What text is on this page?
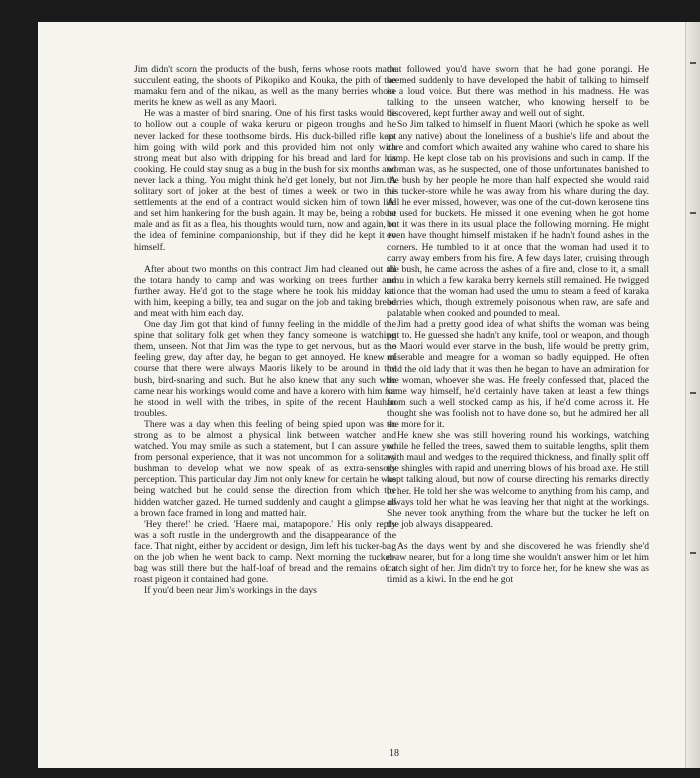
Jim didn't scorn the products of the bush, ferns whose roots made succulent eating, the shoots of Pikopiko and Kouka, the pith of the mamaku fern and of the nikau, as well as the many berries whose merits he knew as well as any Maori.

He was a master of bird snaring. One of his first tasks would be to hollow out a couple of waka keruru or pigeon troughs and he never lacked for these toothsome birds. His duck-billed rifle kept him going with wild pork and this provided him not only with strong meat but also with dripping for his bread and lard for his cooking. He could stay snug as a bug in the bush for six months and never lack a thing. You might think he'd get lonely, but not Jim. A solitary sort of joker at the best of times a week or two in the settlements at the end of a contract would sicken him of town life and set him hankering for the bush again. It may be, being a robust male and as fit as a flea, his thoughts would turn, now and again, to the idea of feminine companionship, but if they did he kept it to himself.

After about two months on this contract Jim had cleaned out all the totara handy to camp and was working on trees further and further away. He'd got to the stage where he took his midday kai with him, keeping a billy, tea and sugar on the job and taking bread and meat with him each day.

One day Jim got that kind of funny feeling in the middle of the spine that solitary folk get when they fancy someone is watching them, unseen. Not that Jim was the type to get nervous, but as the feeling grew, day after day, he began to get annoyed. He knew of course that there were always Maoris likely to be around in the bush, bird-snaring and such. But he also knew that any such who came near his workings would come and have a korero with him for he stood in well with the tribes, in spite of the recent Hauhau troubles.

There was a day when this feeling of being spied upon was so strong as to be almost a physical link between watcher and watched. You may smile as such a statement, but I can assure you from personal experience, that it was not uncommon for a solitary bushman to develop what we now speak of as extra-sensory perception. This particular day Jim not only knew for certain he was being watched but he could sense the direction from which the hidden watcher gazed. He turned suddenly and caught a glimpse of a brown face framed in long and matted hair.

'Hey there!' he cried. 'Haere mai, matapopore.' His only reply was a soft rustle in the undergrowth and the disappearance of the face. That night, either by accident or design, Jim left his tucker-bag on the job when he went back to camp. Next morning the tucker-bag was still there but the half-loaf of bread and the remains of a roast pigeon it contained had gone.

If you'd been near Jim's workings in the days

that followed you'd have sworn that he had gone porangi. He seemed suddenly to have developed the habit of talking to himself in a loud voice. But there was method in his madness. He was talking to the unseen watcher, who knowing herself to be discovered, kept further away and well out of sight.

So Jim talked to himself in fluent Maori (which he spoke as well as any native) about the loneliness of a bushie's life and about the care and comfort which awaited any wahine who cared to share his camp. He kept close tab on his provisions and such in camp. If the woman was, as he suspected, one of those unfortunates banished to the bush by her people he more than half expected she would raid his tucker-store while he was away from his whare during the day. All he ever missed, however, was one of the cut-down kerosene tins he used for buckets. He missed it one evening when he got home but it was there in its usual place the following morning. He might even have thought himself mistaken if he hadn't found ashes in the corners. He tumbled to it at once that the woman had used it to carry away embers from his fire. A few days later, cruising through the bush, he came across the ashes of a fire and, close to it, a small umu in which a few karaka berry kernels still remained. He twigged at once that the woman had used the umu to steam a feed of karaka berries which, though extremely poisonous when raw, are safe and palatable when cooked and pounded to meal.

Jim had a pretty good idea of what shifts the woman was being put to. He guessed she hadn't any knife, tool or weapon, and though no Maori would ever starve in the bush, life would be pretty grim, miserable and meagre for a woman so badly equipped. He often told the old lady that it was then he began to have an admiration for the woman, whoever she was. He freely confessed that, placed the same way himself, he'd certainly have taken at least a few things from such a well stocked camp as his, if he'd come across it. He thought she was foolish not to have done so, but he admired her all the more for it.

He knew she was still hovering round his workings, watching while he felled the trees, sawed them to suitable lengths, split them with maul and wedges to the required thickness, and finally split off the shingles with rapid and unerring blows of his broad axe. He still kept talking aloud, but now of course directing his remarks directly to her. He told her she was welcome to anything from his camp, and always told her what he was leaving her that night at the workings. She never took anything from the whare but the tucker he left on the job always disappeared.

As the days went by and she discovered he was friendly she'd draw nearer, but for a long time she wouldn't answer him or let him catch sight of her. Jim didn't try to force her, for he knew she was as timid as a kiwi. In the end he got

18
